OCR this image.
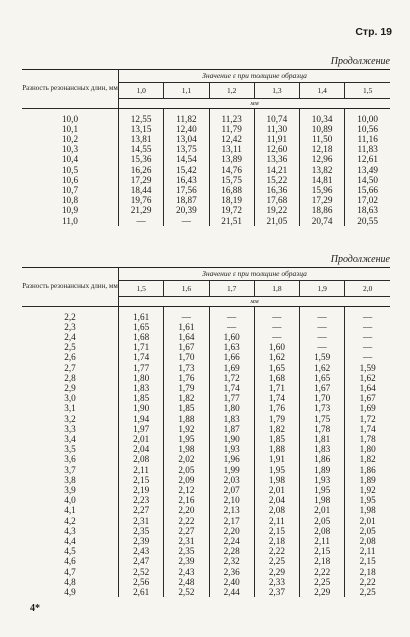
Стр. 19
Продолжение
Разность резонансных длин, мм	Значение ε при толщине образца					
	1,0	1,1	1,2	1,3	1,4	1,5
	мм					

10,0	12,55	11,82	11,23	10,74	10,34	10,00
10,1	13,15	12,40	11,79	11,30	10,89	10,56
10,2	13,81	13,04	12,42	11,91	11,50	11,16
10,3	14,55	13,75	13,11	12,60	12,18	11,83
10,4	15,36	14,54	13,89	13,36	12,96	12,61
10,5	16,26	15,42	14,76	14,21	13,82	13,49
10,6	17,29	16,43	15,75	15,22	14,81	14,50
10,7	18,44	17,56	16,88	16,36	15,96	15,66
10,8	19,76	18,87	18,19	17,68	17,29	17,02
10,9	21,29	20,39	19,72	19,22	18,86	18,63
11,0	—	—	21,51	21,05	20,74	20,55
Продолжение
Разность резонансных длин, мм	Значение ε при толщине образца					
	1,5	1,6	1,7	1,8	1,9	2,0
	мм					

2,2	1,61	—	—	—	—	—
2,3	1,65	1,61	—	—	—	—
2,4	1,68	1,64	1,60	—	—	—
2,5	1,71	1,67	1,63	1,60	—	—
2,6	1,74	1,70	1,66	1,62	1,59	—
2,7	1,77	1,73	1,69	1,65	1,62	1,59
2,8	1,80	1,76	1,72	1,68	1,65	1,62
2,9	1,83	1,79	1,74	1,71	1,67	1,64
3,0	1,85	1,82	1,77	1,74	1,70	1,67
3,1	1,90	1,85	1,80	1,76	1,73	1,69
3,2	1,94	1,88	1,83	1,79	1,75	1,72
3,3	1,97	1,92	1,87	1,82	1,78	1,74
3,4	2,01	1,95	1,90	1,85	1,81	1,78
3,5	2,04	1,98	1,93	1,88	1,83	1,80
3,6	2,08	2,02	1,96	1,91	1,86	1,82
3,7	2,11	2,05	1,99	1,95	1,89	1,86
3,8	2,15	2,09	2,03	1,98	1,93	1,89
3,9	2,19	2,12	2,07	2,01	1,95	1,92
4,0	2,23	2,16	2,10	2,04	1,98	1,95
4,1	2,27	2,20	2,13	2,08	2,01	1,98
4,2	2,31	2,22	2,17	2,11	2,05	2,01
4,3	2,35	2,27	2,20	2,15	2,08	2,05
4,4	2,39	2,31	2,24	2,18	2,11	2,08
4,5	2,43	2,35	2,28	2,22	2,15	2,11
4,6	2,47	2,39	2,32	2,25	2,18	2,15
4,7	2,52	2,43	2,36	2,29	2,22	2,18
4,8	2,56	2,48	2,40	2,33	2,25	2,22
4,9	2,61	2,52	2,44	2,37	2,29	2,25
4*
